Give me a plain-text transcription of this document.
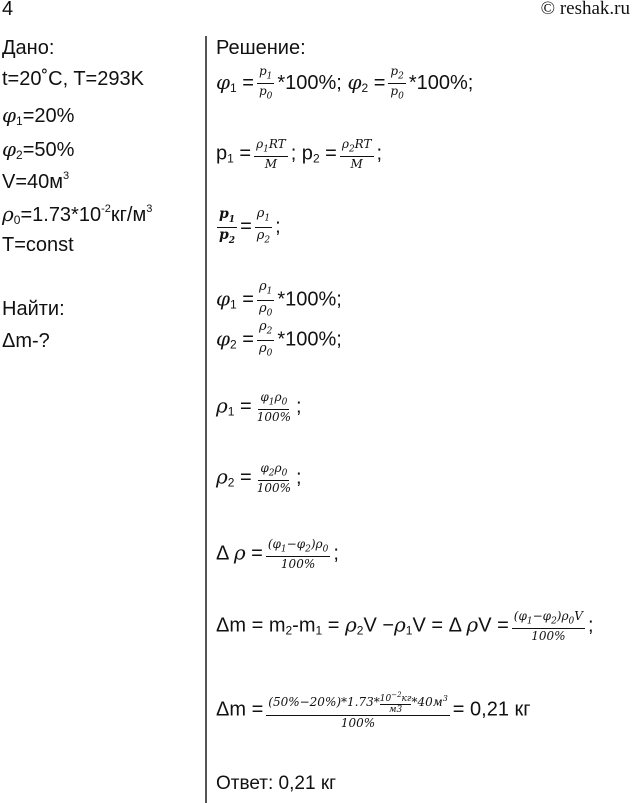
4	© reshak.ru
Дано:
t=20˚C, T=293K
$\varphi_1=20\%$
$\varphi_2=50\%$
$V=40м^3$
$\rho_0=1.73*10^{-2}кг/м^3$
T=const
Найти:
Δm-?
Решение:
$\varphi_1 = \frac{p_1}{p_0} *100\%$; $\varphi_2 = \frac{p_2}{p_0} *100\%$;
$p_1 = \frac{\rho_1RT}{M}$ ; $p_2 = \frac{\rho_2RT}{M}$ ;
$\frac{p_1}{p_2} = \frac{\rho_1}{\rho_2}$ ;
$\varphi_1 = \frac{\rho_1}{\rho_0} *100\%$;
$\varphi_2 = \frac{\rho_2}{\rho_0} *100\%$;
$\rho_1 = \frac{\varphi_1\rho_0}{100\%}$ ;
$\rho_2 = \frac{\varphi_2\rho_0}{100\%}$ ;
Δ $\rho = \frac{(\varphi_1-\varphi_2)\rho_0}{100\%}$ ;
$\Delta m = m_2-m_1 = \rho_2V -\rho_1V = \Delta$ $\rho V = \frac{(\varphi_1-\varphi_2)\rho_0V}{100\%}$ ;
Δm = (50%−20%)*1.73* $10^{-2}кг$
м3
$*40м^3$
100% = 0,21 кг
Ответ: 0,21 кг
